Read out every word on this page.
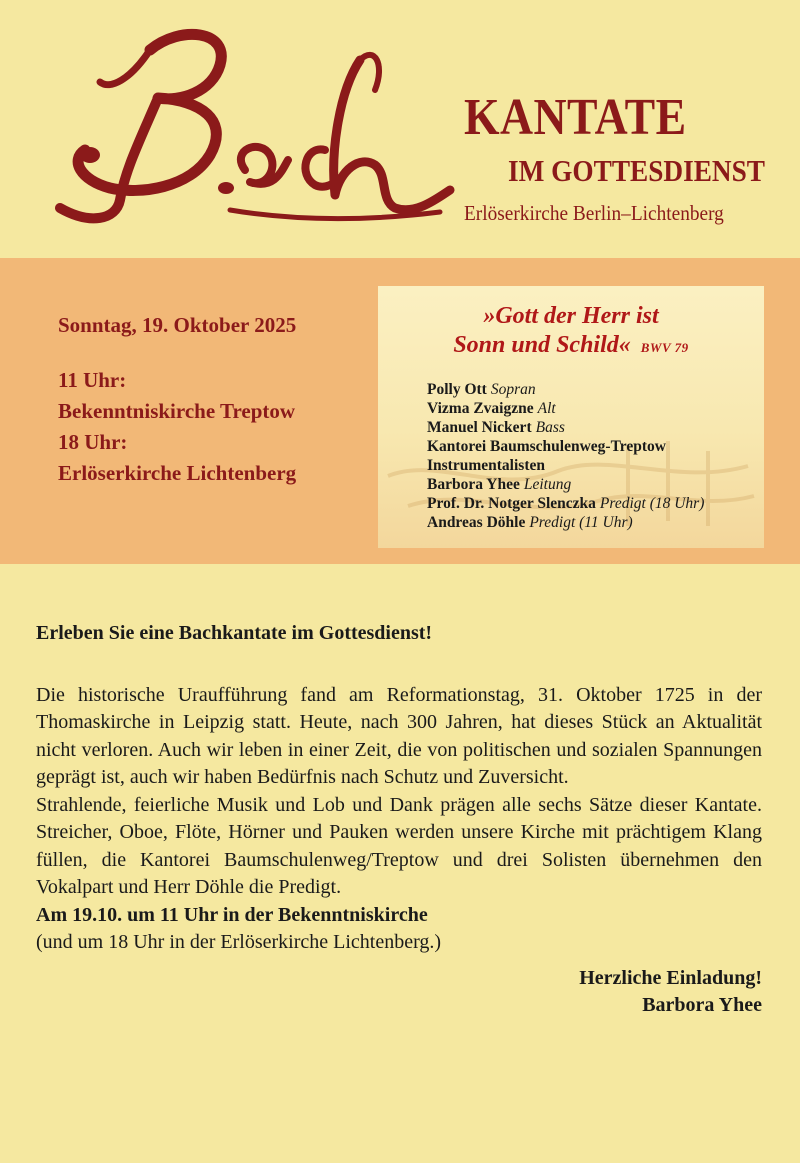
KANTATE
IM GOTTESDIENST
Erlöserkirche Berlin–Lichtenberg
Sonntag, 19. Oktober 2025
11 Uhr:
Bekenntniskirche Treptow
18 Uhr:
Erlöserkirche Lichtenberg
»Gott der Herr ist
Sonn und Schild« BWV 79
Polly Ott Sopran
Vizma Zvaigzne Alt
Manuel Nickert Bass
Kantorei Baumschulenweg-Treptow
Instrumentalisten
Barbora Yhee Leitung
Prof. Dr. Notger Slenczka Predigt (18 Uhr)
Andreas Döhle Predigt (11 Uhr)

Erleben Sie eine Bachkantate im Gottesdienst!

Die historische Uraufführung fand am Reformationstag, 31. Oktober 1725 in der Thomaskirche in Leipzig statt. Heute, nach 300 Jahren, hat dieses Stück an Aktualität nicht verloren. Auch wir leben in einer Zeit, die von politischen und sozialen Spannungen geprägt ist, auch wir haben Bedürfnis nach Schutz und Zuversicht.

Strahlende, feierliche Musik und Lob und Dank prägen alle sechs Sätze dieser Kantate. Streicher, Oboe, Flöte, Hörner und Pauken werden unsere Kirche mit prächtigem Klang füllen, die Kantorei Baumschulenweg/Treptow und drei Solisten übernehmen den Vokalpart und Herr Döhle die Predigt.

Am 19.10. um 11 Uhr in der Bekenntniskirche

(und um 18 Uhr in der Erlöserkirche Lichtenberg.)

Herzliche Einladung!

Barbora Yhee
